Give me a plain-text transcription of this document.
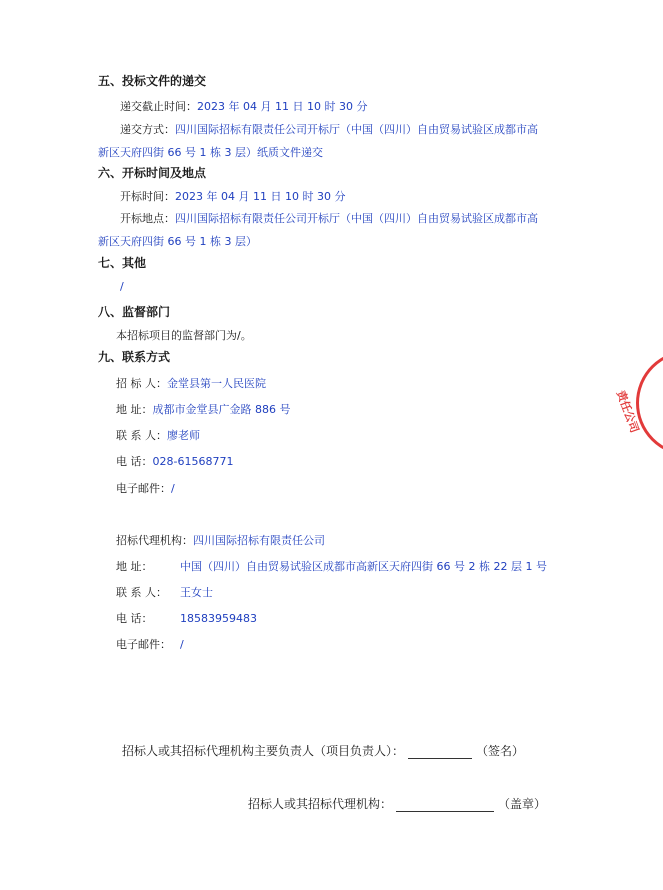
五、投标文件的递交
递交截止时间：2023 年 04 月 11 日 10 时 30 分
递交方式：四川国际招标有限责任公司开标厅（中国（四川）自由贸易试验区成都市高
新区天府四街 66 号 1 栋 3 层）纸质文件递交
六、开标时间及地点
开标时间：2023 年 04 月 11 日 10 时 30 分
开标地点：四川国际招标有限责任公司开标厅（中国（四川）自由贸易试验区成都市高
新区天府四街 66 号 1 栋 3 层）
七、其他
/
八、监督部门
本招标项目的监督部门为/。
九、联系方式
招 标 人：金堂县第一人民医院
地 址：成都市金堂县广金路 886 号
联 系 人：廖老师
电 话：028-61568771
电子邮件：/
招标代理机构：四川国际招标有限责任公司
地 址：	中国（四川）自由贸易试验区成都市高新区天府四街 66 号 2 栋 22 层 1 号
联 系 人： 王女士
电 话：	18583959483
电子邮件： /
招标人或其招标代理机构主要负责人（项目负责人）：	（签名）
招标人或其招标代理机构：	（盖章）
责任公司
